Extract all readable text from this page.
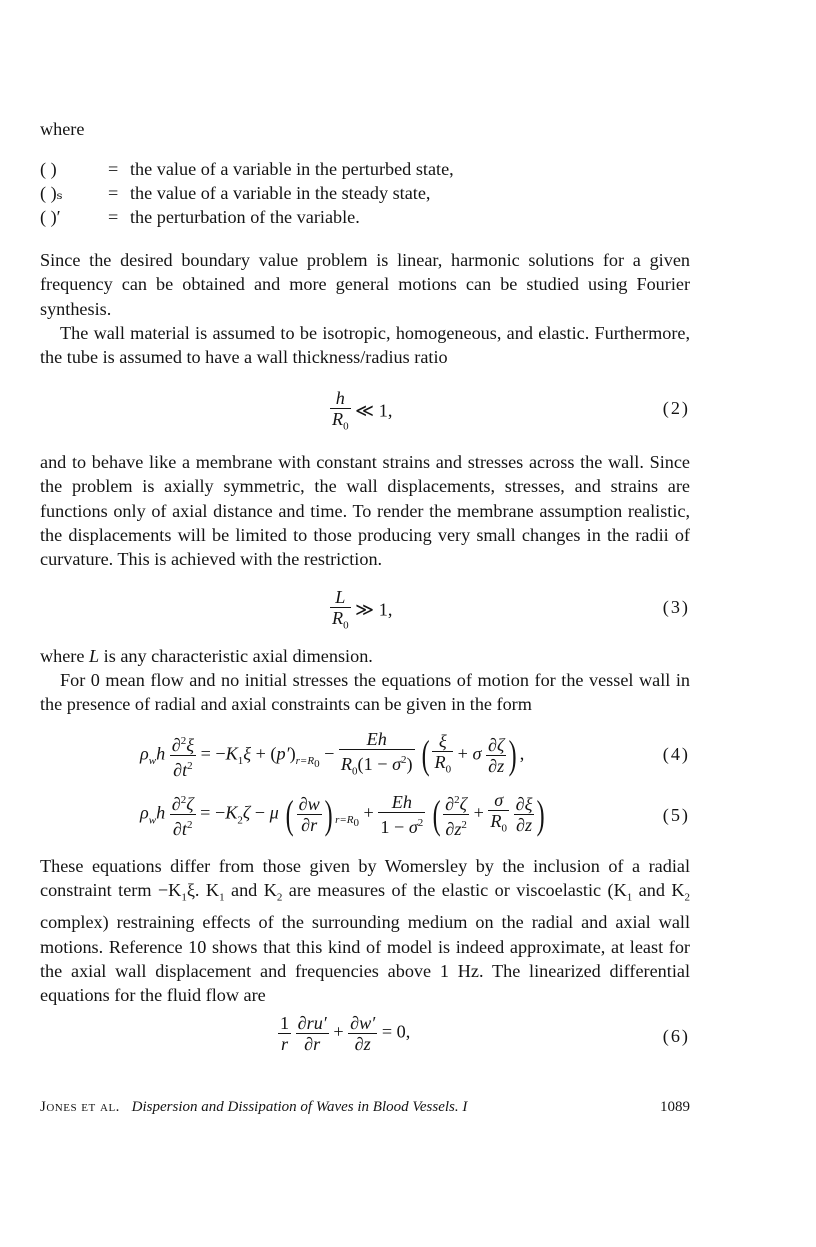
where
( )	= the value of a variable in the perturbed state,
( )ₛ = the value of a variable in the steady state,
( )′	= the perturbation of the variable.

Since the desired boundary value problem is linear, harmonic solutions for a given frequency can be obtained and more general motions can be studied using Fourier synthesis.

The wall material is assumed to be isotropic, homogeneous, and elastic. Furthermore, the tube is assumed to have a wall thickness/radius ratio

$\frac{h}{R_0}$ ≪ 1,	(2)

and to behave like a membrane with constant strains and stresses across the wall. Since the problem is axially symmetric, the wall displacements, stresses, and strains are functions only of axial distance and time. To render the membrane assumption realistic, the displacements will be limited to those producing very small changes in the radii of curvature. This is achieved with the restriction.

$\frac{L}{R_0}$ ≫ 1,	(3)

where L is any characteristic axial dimension.

For 0 mean flow and no initial stresses the equations of motion for the vessel wall in the presence of radial and axial constraints can be given in the form

$\rho_wh \frac{\partial^2\xi}{\partial t^2} = -K_1\xi + (p')_{r=R_0} - \frac{Eh}{R_0(1 - \sigma^2)}$ ( $\frac{\xi}{R_0} + \sigma \frac{\partial\zeta}{\partial z}$ ) ,	(4)
$\rho_wh \frac{\partial^2\zeta}{\partial t^2} = -K_2\zeta - \mu$ ( $\frac{\partial w}{\partial r}$ ) $_{r=R_0} + \frac{Eh}{1 - \sigma^2}$ ( $\frac{\partial^2\zeta}{\partial z^2} + \frac{\sigma}{R_0}$
$\frac{\partial\xi}{\partial z}$ )	(5)

These equations differ from those given by Womersley by the inclusion of a radial constraint term $-K_1\xi$. $K_1$ and $K_2$ are measures of the elastic or viscoelastic ($K_1$ and $K_2$ complex) restraining effects of the surrounding medium on the radial and axial wall motions. Reference 10 shows that this kind of model is indeed approximate, at least for the axial wall displacement and frequencies above 1 Hz. The linearized differential equations for the fluid flow are

$\frac{1}{r}$
$\frac{\partial ru'}{\partial r} + \frac{\partial w'}{\partial z} = 0$,	(6)
Jones et al. Dispersion and Dissipation of Waves in Blood Vessels. I	1089
